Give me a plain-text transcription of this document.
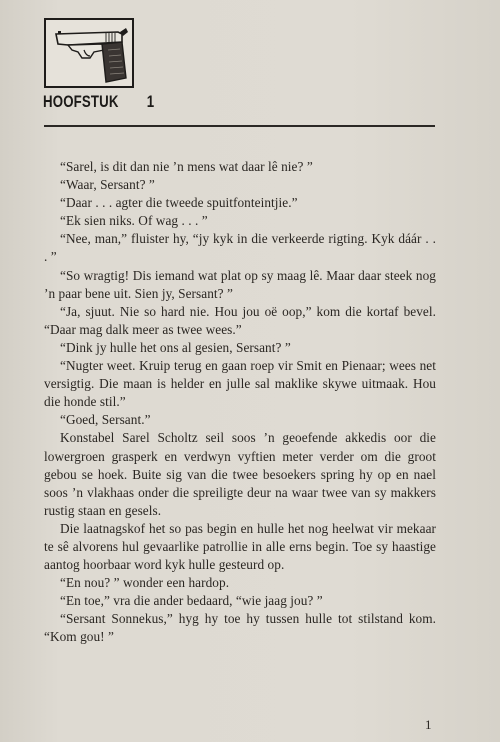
HOOFSTUK 1

“Sarel, is dit dan nie ’n mens wat daar lê nie? ”

“Waar, Sersant? ”

“Daar . . . agter die tweede spuitfonteintjie.”

“Ek sien niks. Of wag . . . ”

“Nee, man,” fluister hy, “jy kyk in die verkeerde rigting. Kyk dáár . . . ”

“So wragtig! Dis iemand wat plat op sy maag lê. Maar daar steek nog ’n paar bene uit. Sien jy, Sersant? ”

“Ja, sjuut. Nie so hard nie. Hou jou oë oop,” kom die kortaf bevel. “Daar mag dalk meer as twee wees.”

“Dink jy hulle het ons al gesien, Sersant? ”

“Nugter weet. Kruip terug en gaan roep vir Smit en Pienaar; wees net versigtig. Die maan is helder en julle sal maklike skywe uitmaak. Hou die honde stil.”

“Goed, Sersant.”

Konstabel Sarel Scholtz seil soos ’n geoefende akkedis oor die lowergroen grasperk en verdwyn vyftien meter verder om die groot gebou se hoek. Buite sig van die twee besoekers spring hy op en nael soos ’n vlakhaas onder die spreiligte deur na waar twee van sy makkers rustig staan en gesels.

Die laatnagskof het so pas begin en hulle het nog heelwat vir mekaar te sê alvorens hul gevaarlike patrollie in alle erns begin. Toe sy haastige aantog hoorbaar word kyk hulle gesteurd op.

“En nou? ” wonder een hardop.

“En toe,” vra die ander bedaard, “wie jaag jou? ”

“Sersant Sonnekus,” hyg hy toe hy tussen hulle tot stilstand kom. “Kom gou! ”

1
